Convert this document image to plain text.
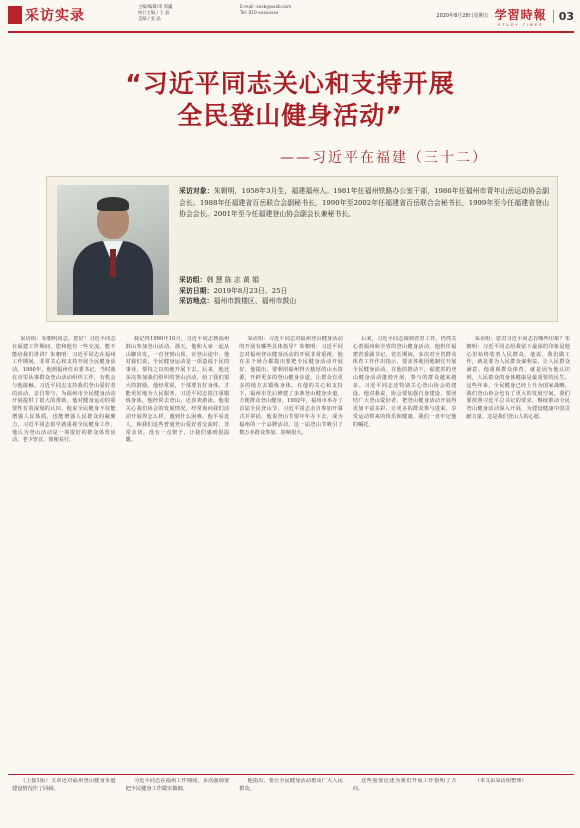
采访实录
主编/编辑/审 周巍
执行主编 / 王 晶
美编 / 张 晶
E-mail: xxsb@xxsb.com
Tel: 010-xxxxxxxx	2020年8月28日星期五 学習時報
STUDY TIMES
03
“习近平同志关心和支持开展
全民登山健身活动”
——习近平在福建（三十二）
采访对象：朱朝明，1958年3月生，福建福州人。1981年任福州铁路办公室干部，1986年任福州市青年山岳运动协会副会长。1988年任福建省百岳联合会副秘书长，1990年至2002年任福建省百岳联合会秘书长，1999年至今任福建省登山协会会长。2001年至今任福建登山协会副会长兼秘书长。
采访组：韩 慧 陈 志 黄 娟
采访日期：2019年8月23日、25日
采访地点：福州市鼓楼区、福州市鼓山

采访组：朱朝明同志，您好！习近平同志在福建工作期间，您和他有一些交流，能不能给我们讲讲？朱朝明：习近平同志在福州工作期间，非常关心和支持开展全民健身活动。1990年，他到福州任市委书记。当时我在市里从事群众登山活动组织工作，有机会与他接触。习近平同志支持我们登山爱好者的活动，亲自参与，为福州市全民健身活动开展提供了很大的帮助。他对健身运动的重要性有着深刻的认识，他说全民健身不仅能增强人民体质，也能增强人民群众的凝聚力。习近平同志很早就重视全民健身工作，他认为登山活动是一项很好的群众体育活动，老少皆宜，简便易行。

我记得1990年10月，习近平同志到福州鼓山参加登山活动。那天，他和大家一起从山脚出发，一直登到山顶。在登山途中，他对我们说，全民健身运动是一项造福于民的事业，要持之以恒地开展下去。后来，他还多次参加我们组织的登山活动，给了我们很大的鼓励。他经常说，干部要有好身体，才能更好地为人民服务。习近平同志很注重锻炼身体，他经常去登山，还喜欢游泳。他很关心我们协会的发展情况，经常询问我们活动开展得怎么样，遇到什么困难。他平易近人，和我们这些普通登山爱好者交流时，非常亲切，没有一点架子，让我们感到很温暖。

采访组：习近平同志对福州登山健身活动的开展有哪些具体指导？朱朝明：习近平同志对福州登山健身活动的开展非常重视，他在多个场合都提出要把全民健身活动开展好。他提出，要利用福州得天独厚的山水资源，开辟更多的登山健身步道，让群众有更多的地方去锻炼身体。在他的关心和支持下，福州市先后修建了多条登山健身步道，方便群众登山健身。1992年，福州市举办了首届全民登山节，习近平同志亲自参加开幕式并讲话，他说登山节要年年办下去，成为福州的一个品牌活动。这一届登山节吸引了数万名群众参加，影响很大。

后来，习近平同志调到省里工作，仍然关心着福州和全省的登山健身活动。他担任福建省委副书记、省长期间，多次对全省群众体育工作作出指示，要求各地因地制宜开展全民健身活动。在他的推动下，福建省的登山健身活动蓬勃开展，参与的群众越来越多。习近平同志还特别关心登山协会的建设。他对我说，协会要加强自身建设，要团结广大登山爱好者，把登山健身活动开展得更加丰富多彩，让更多的群众参与进来，享受运动带来的快乐和健康。我们一直牢记他的嘱托。

采访组：您对习近平同志有哪些印象？朱朝明：习近平同志给我留下最深的印象是他心里始终装着人民群众。他说，我们做工作，就是要为人民群众谋利益，让人民群众满意。他重视群众体育，就是因为他认识到，人民群众的身体健康是最重要的民生。这些年来，全民健身已经上升为国家战略，我们登山协会也有了更大的发展空间。我们要按照习近平总书记的要求，继续推动全民登山健身活动深入开展，为建设健康中国贡献力量。这是我们登山人的心愿。

（上接1版）文章还对福州登山健身步道建设情况作了回顾。

习近平同志在福州工作期间，多次强调要把全民健身工作做实做细。

他指出，要让全民健身活动惠及广大人民群众。

这些重要论述为我们开展工作指明了方向。

（本文由采访组整理）
